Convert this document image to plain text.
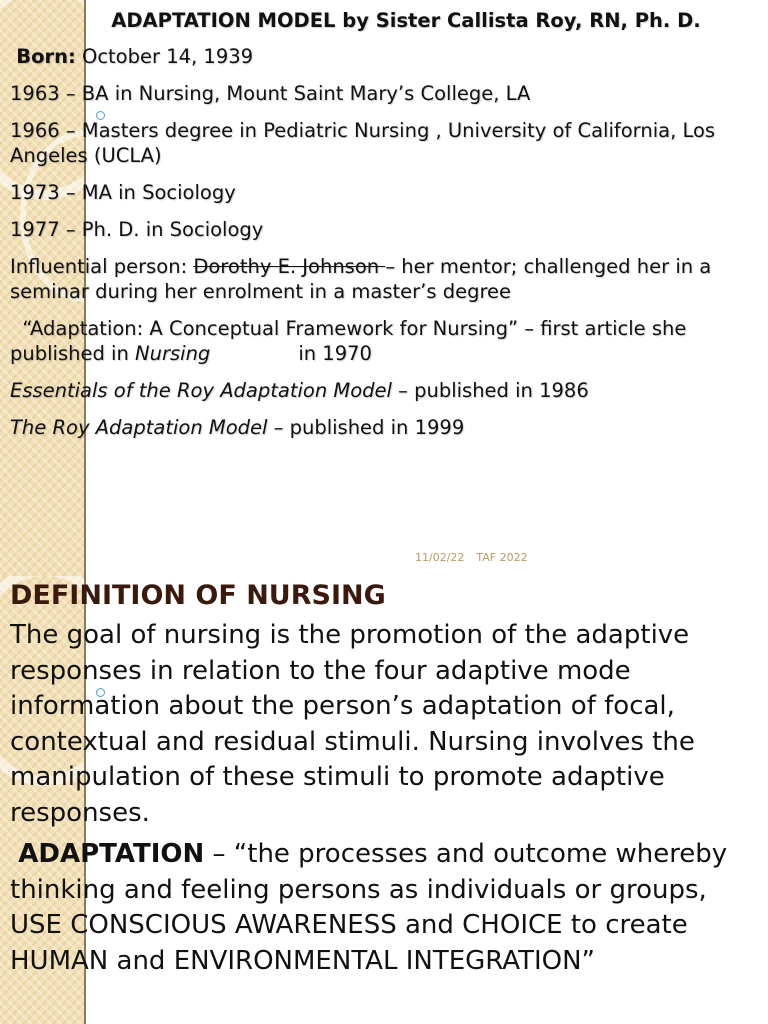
ADAPTATION MODEL by Sister Callista Roy, RN, Ph. D.

Born: October 14, 1939

1963 – BA in Nursing, Mount Saint Mary’s College, LA

1966 – Masters degree in Pediatric Nursing , University of California, Los Angeles (UCLA)

1973 – MA in Sociology

1977 – Ph. D. in Sociology

Influential person: Dorothy E. Johnson – her mentor; challenged her in a seminar during her enrolment in a master’s degree

“Adaptation: A Conceptual Framework for Nursing” – first article she published in Nursing	in 1970

Essentials of the Roy Adaptation Model – published in 1986

The Roy Adaptation Model – published in 1999

11/02/22 TAF 2022

DEFINITION OF NURSING

The goal of nursing is the promotion of the adaptive responses in relation to the four adaptive mode information about the person’s adaptation of focal, contextual and residual stimuli. Nursing involves the manipulation of these stimuli to promote adaptive responses.

ADAPTATION – “the processes and outcome whereby thinking and feeling persons as individuals or groups, USE CONSCIOUS AWARENESS and CHOICE to create HUMAN and ENVIRONMENTAL INTEGRATION”
